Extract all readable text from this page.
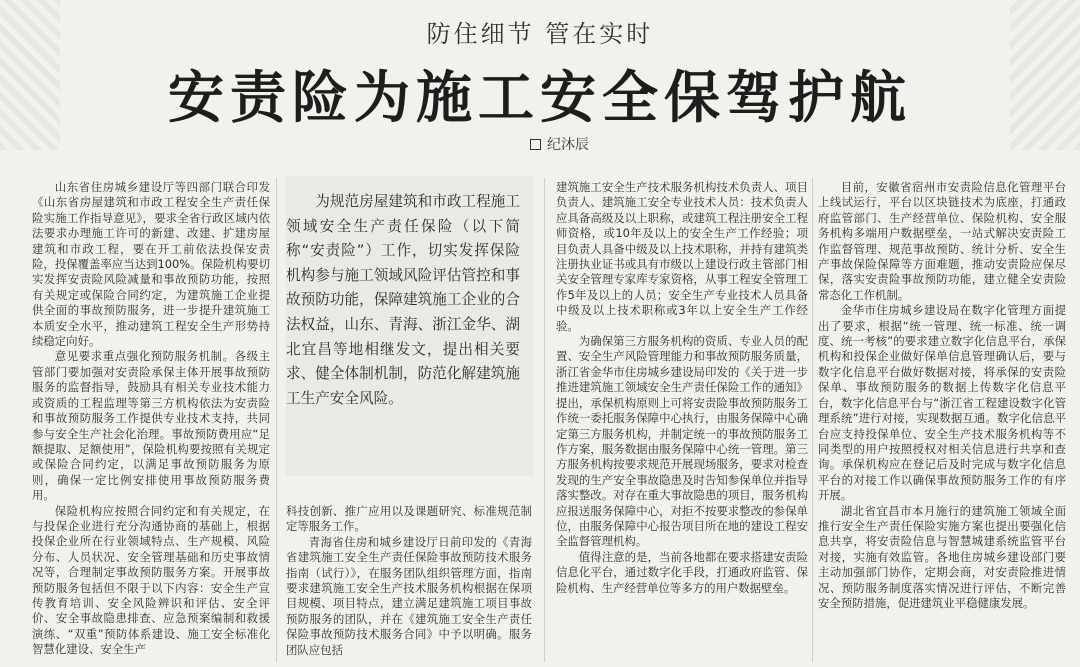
防住细节 管在实时
安责险为施工安全保驾护航
纪沐辰

山东省住房城乡建设厅等四部门联合印发《山东省房屋建筑和市政工程安全生产责任保险实施工作指导意见》，要求全省行政区域内依法要求办理施工许可的新建、改建、扩建房屋建筑和市政工程，要在开工前依法投保安责险，投保覆盖率应当达到100%。保险机构要切实发挥安责险风险减量和事故预防功能，按照有关规定或保险合同约定，为建筑施工企业提供全面的事故预防服务，进一步提升建筑施工本质安全水平，推动建筑工程安全生产形势持续稳定向好。

意见要求重点强化预防服务机制。各级主管部门要加强对安责险承保主体开展事故预防服务的监督指导，鼓励具有相关专业技术能力或资质的工程监理等第三方机构依法为安责险和事故预防服务工作提供专业技术支持，共同参与安全生产社会化治理。事故预防费用应“足额提取、足额使用”，保险机构要按照有关规定或保险合同约定，以满足事故预防服务为原则，确保一定比例安排使用事故预防服务费用。

保险机构应按照合同约定和有关规定，在与投保企业进行充分沟通协商的基础上，根据投保企业所在行业领域特点、生产规模、风险分布、人员状况、安全管理基础和历史事故情况等，合理制定事故预防服务方案。开展事故预防服务包括但不限于以下内容：安全生产宣传教育培训、安全风险辨识和评估、安全评价、安全事故隐患排查、应急预案编制和救援演练、“双重”预防体系建设、施工安全标准化智慧化建设、安全生产

为规范房屋建筑和市政工程施工领域安全生产责任保险（以下简称“安责险”）工作，切实发挥保险机构参与施工领域风险评估管控和事故预防功能，保障建筑施工企业的合法权益，山东、青海、浙江金华、湖北宜昌等地相继发文，提出相关要求、健全体制机制，防范化解建筑施工生产安全风险。

科技创新、推广应用以及课题研究、标准规范制定等服务工作。

青海省住房和城乡建设厅日前印发的《青海省建筑施工安全生产责任保险事故预防技术服务指南（试行）》，在服务团队组织管理方面，指南要求建筑施工安全生产技术服务机构根据在保项目规模、项目特点，建立满足建筑施工项目事故预防服务的团队，并在《建筑施工安全生产责任保险事故预防技术服务合同》中予以明确。服务团队应包括

建筑施工安全生产技术服务机构技术负责人、项目负责人、建筑施工安全专业技术人员：技术负责人应具备高级及以上职称，或建筑工程注册安全工程师资格，或10年及以上的安全生产工作经验；项目负责人具备中级及以上技术职称，并持有建筑类注册执业证书或具有市级以上建设行政主管部门相关安全管理专家库专家资格，从事工程安全管理工作5年及以上的人员；安全生产专业技术人员具备中级及以上技术职称或3年以上安全生产工作经验。

为确保第三方服务机构的资质、专业人员的配置、安全生产风险管理能力和事故预防服务质量，浙江省金华市住房城乡建设局印发的《关于进一步推进建筑施工领域安全生产责任保险工作的通知》提出，承保机构原则上可将安责险事故预防服务工作统一委托服务保障中心执行，由服务保障中心确定第三方服务机构，并制定统一的事故预防服务工作方案，服务数据由服务保障中心统一管理。第三方服务机构按要求规范开展现场服务，要求对检查发现的生产安全事故隐患及时告知参保单位并指导落实整改。对存在重大事故隐患的项目，服务机构应报送服务保障中心，对拒不按要求整改的参保单位，由服务保障中心报告项目所在地的建设工程安全监督管理机构。

值得注意的是，当前各地都在要求搭建安责险信息化平台，通过数字化手段，打通政府监管、保险机构、生产经营单位等多方的用户数据壁垒。

目前，安徽省宿州市安责险信息化管理平台上线试运行，平台以区块链技术为底座，打通政府监管部门、生产经营单位、保险机构、安全服务机构多端用户数据壁垒，一站式解决安责险工作监督管理、规范事故预防、统计分析、安全生产事故保险保障等方面难题，推动安责险应保尽保，落实安责险事故预防功能，建立健全安责险常态化工作机制。

金华市住房城乡建设局在数字化管理方面提出了要求，根据“统一管理、统一标准、统一调度、统一考核”的要求建立数字化信息平台，承保机构和投保企业做好保单信息管理确认后，要与数字化信息平台做好数据对接，将承保的安责险保单、事故预防服务的数据上传数字化信息平台，数字化信息平台与“浙江省工程建设数字化管理系统”进行对接，实现数据互通。数字化信息平台应支持投保单位、安全生产技术服务机构等不同类型的用户按照授权对相关信息进行共享和查询。承保机构应在登记后及时完成与数字化信息平台的对接工作以确保事故预防服务工作的有序开展。

湖北省宜昌市本月施行的建筑施工领域全面推行安全生产责任保险实施方案也提出要强化信息共享，将安责险信息与智慧城建系统监管平台对接，实施有效监管。各地住房城乡建设部门要主动加强部门协作，定期会商，对安责险推进情况、预防服务制度落实情况进行评估，不断完善安全预防措施，促进建筑业平稳健康发展。
